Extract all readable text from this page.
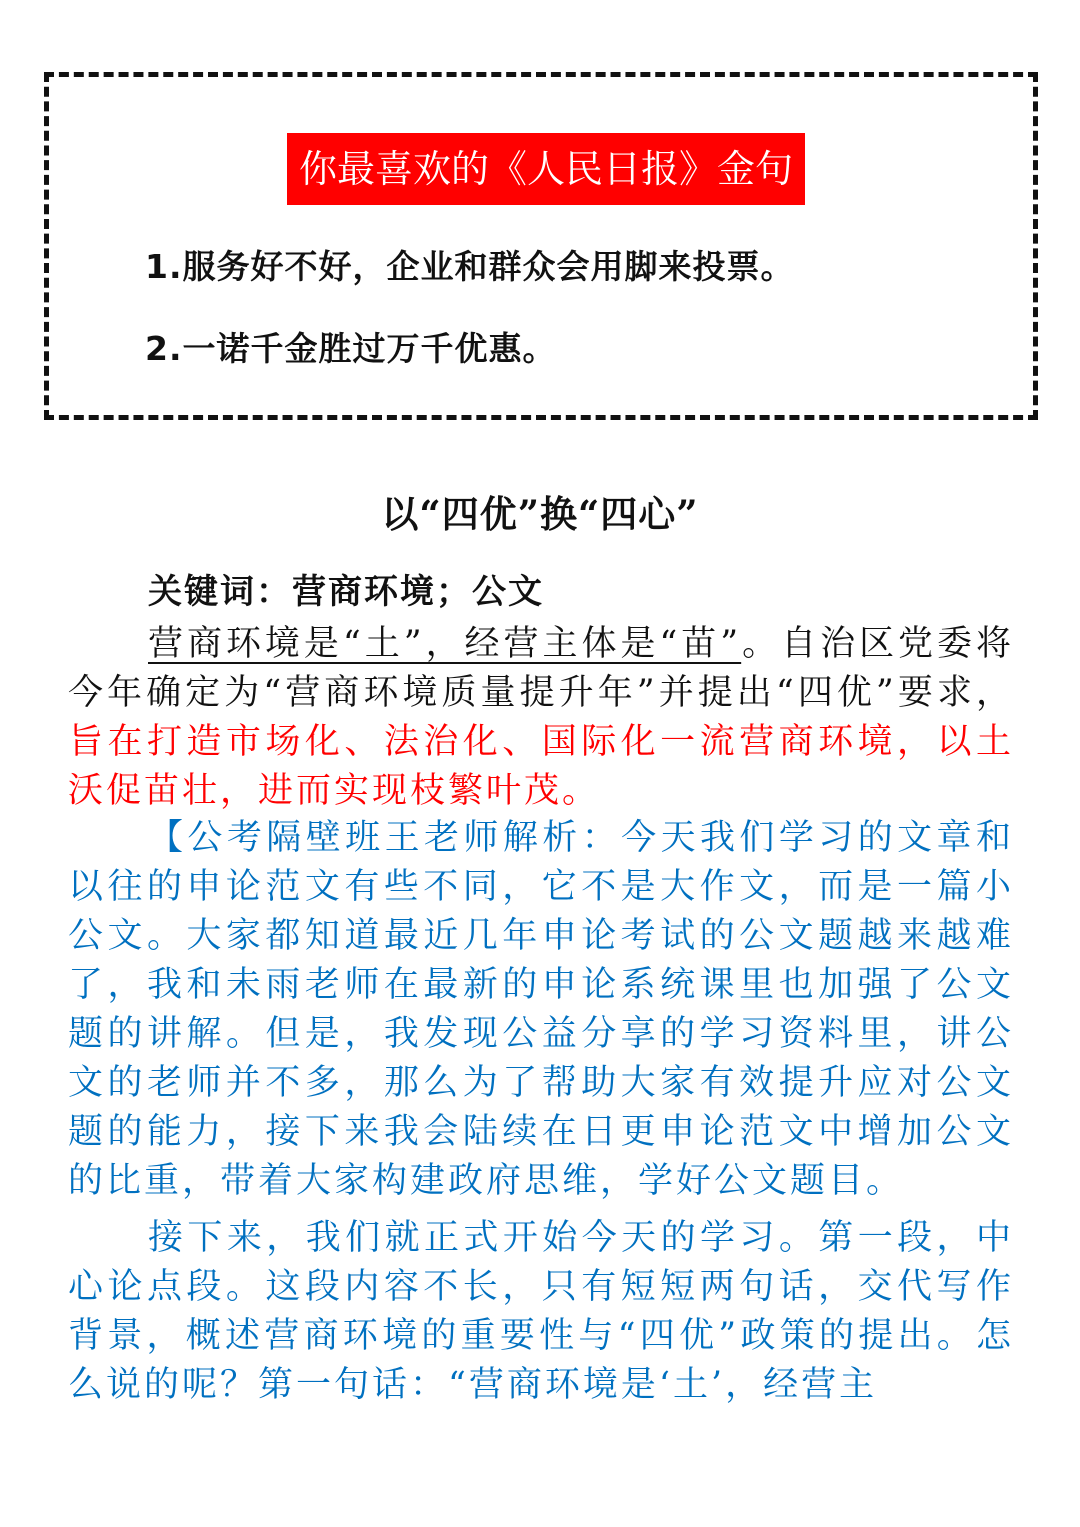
你最喜欢的《人民日报》金句
1.服务好不好，企业和群众会用脚来投票。
2.一诺千金胜过万千优惠。
以“四优”换“四心”
关键词：营商环境；公文
营商环境是“土”，经营主体是“苗”。自治区党委将今年确定为“营商环境质量提升年”并提出“四优”要求，旨在打造市场化、法治化、国际化一流营商环境，以土沃促苗壮，进而实现枝繁叶茂。
【公考隔壁班王老师解析：今天我们学习的文章和以往的申论范文有些不同，它不是大作文，而是一篇小公文。大家都知道最近几年申论考试的公文题越来越难了，我和未雨老师在最新的申论系统课里也加强了公文题的讲解。但是，我发现公益分享的学习资料里，讲公文的老师并不多，那么为了帮助大家有效提升应对公文题的能力，接下来我会陆续在日更申论范文中增加公文的比重，带着大家构建政府思维，学好公文题目。
接下来，我们就正式开始今天的学习。第一段，中心论点段。这段内容不长，只有短短两句话，交代写作背景，概述营商环境的重要性与“四优”政策的提出。怎么说的呢？第一句话：“营商环境是‘土’，经营主
